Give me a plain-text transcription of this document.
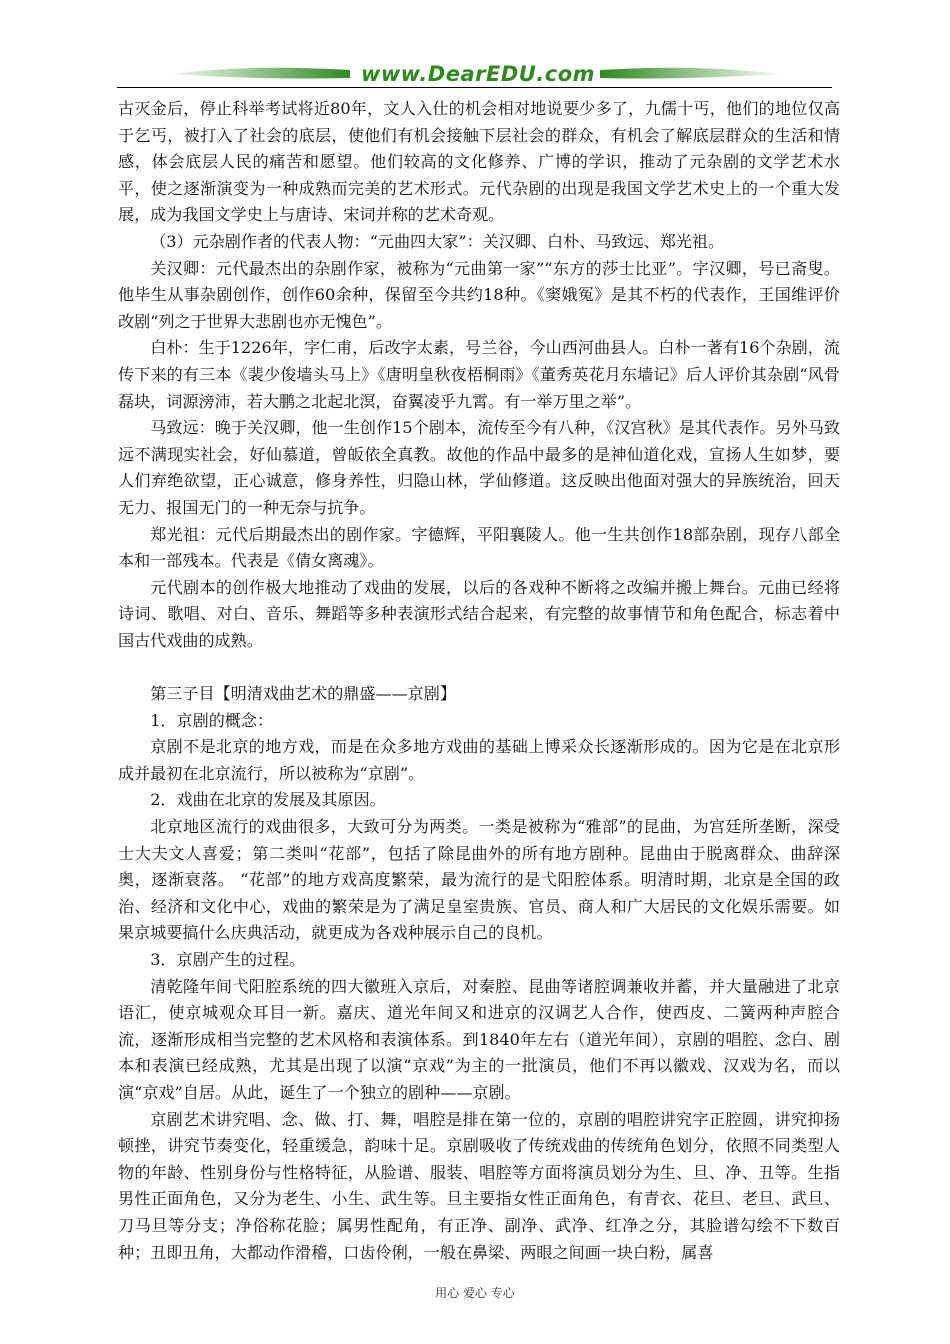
www.DearEDU.com

古灭金后，停止科举考试将近80年，文人入仕的机会相对地说要少多了，九儒十丐，他们的地位仅高于乞丐，被打入了社会的底层，使他们有机会接触下层社会的群众，有机会了解底层群众的生活和情感，体会底层人民的痛苦和愿望。他们较高的文化修养、广博的学识，推动了元杂剧的文学艺术水平，使之逐渐演变为一种成熟而完美的艺术形式。元代杂剧的出现是我国文学艺术史上的一个重大发展，成为我国文学史上与唐诗、宋词并称的艺术奇观。

（3）元杂剧作者的代表人物：“元曲四大家”：关汉卿、白朴、马致远、郑光祖。

关汉卿：元代最杰出的杂剧作家，被称为“元曲第一家”“东方的莎士比亚”。字汉卿，号已斋叟。他毕生从事杂剧创作，创作60余种，保留至今共约18种。《窦娥冤》是其不朽的代表作，王国维评价改剧“列之于世界大悲剧也亦无愧色”。

白朴：生于1226年，字仁甫，后改字太素，号兰谷，今山西河曲县人。白朴一著有16个杂剧，流传下来的有三本《裴少俊墙头马上》《唐明皇秋夜梧桐雨》《董秀英花月东墙记》后人评价其杂剧“风骨磊块，词源滂沛，若大鹏之北起北溟，奋翼凌乎九霄。有一举万里之举”。

马致远：晚于关汉卿，他一生创作15个剧本，流传至今有八种，《汉宫秋》是其代表作。另外马致远不满现实社会，好仙慕道，曾皈依全真教。故他的作品中最多的是神仙道化戏，宣扬人生如梦，要人们弃绝欲望，正心诚意，修身养性，归隐山林，学仙修道。这反映出他面对强大的异族统治，回天无力、报国无门的一种无奈与抗争。

郑光祖：元代后期最杰出的剧作家。字德辉，平阳襄陵人。他一生共创作18部杂剧，现存八部全本和一部残本。代表是《倩女离魂》。

元代剧本的创作极大地推动了戏曲的发展，以后的各戏种不断将之改编并搬上舞台。元曲已经将诗词、歌唱、对白、音乐、舞蹈等多种表演形式结合起来，有完整的故事情节和角色配合，标志着中国古代戏曲的成熟。

第三子目【明清戏曲艺术的鼎盛——京剧】

1．京剧的概念：

京剧不是北京的地方戏，而是在众多地方戏曲的基础上博采众长逐渐形成的。因为它是在北京形成并最初在北京流行，所以被称为“京剧”。

2．戏曲在北京的发展及其原因。

北京地区流行的戏曲很多，大致可分为两类。一类是被称为“雅部”的昆曲，为宫廷所垄断，深受士大夫文人喜爱；第二类叫“花部”，包括了除昆曲外的所有地方剧种。昆曲由于脱离群众、曲辞深奥，逐渐衰落。 “花部”的地方戏高度繁荣，最为流行的是弋阳腔体系。明清时期，北京是全国的政治、经济和文化中心，戏曲的繁荣是为了满足皇室贵族、官员、商人和广大居民的文化娱乐需要。如果京城要搞什么庆典活动，就更成为各戏种展示自己的良机。

3．京剧产生的过程。

清乾隆年间弋阳腔系统的四大徽班入京后，对秦腔、昆曲等诸腔调兼收并蓄，并大量融进了北京语汇，使京城观众耳目一新。嘉庆、道光年间又和进京的汉调艺人合作，使西皮、二簧两种声腔合流，逐渐形成相当完整的艺术风格和表演体系。到1840年左右（道光年间），京剧的唱腔、念白、剧本和表演已经成熟，尤其是出现了以演“京戏”为主的一批演员，他们不再以徽戏、汉戏为名，而以演“京戏”自居。从此，诞生了一个独立的剧种——京剧。

京剧艺术讲究唱、念、做、打、舞，唱腔是排在第一位的，京剧的唱腔讲究字正腔圆，讲究抑扬顿挫，讲究节奏变化，轻重缓急，韵味十足。京剧吸收了传统戏曲的传统角色划分，依照不同类型人物的年龄、性别身份与性格特征，从脸谱、服装、唱腔等方面将演员划分为生、旦、净、丑等。生指男性正面角色，又分为老生、小生、武生等。旦主要指女性正面角色，有青衣、花旦、老旦、武旦、刀马旦等分支；净俗称花脸；属男性配角，有正净、副净、武净、红净之分，其脸谱勾绘不下数百种；丑即丑角，大都动作滑稽，口齿伶俐，一般在鼻梁、两眼之间画一块白粉，属喜

用心 爱心 专心
